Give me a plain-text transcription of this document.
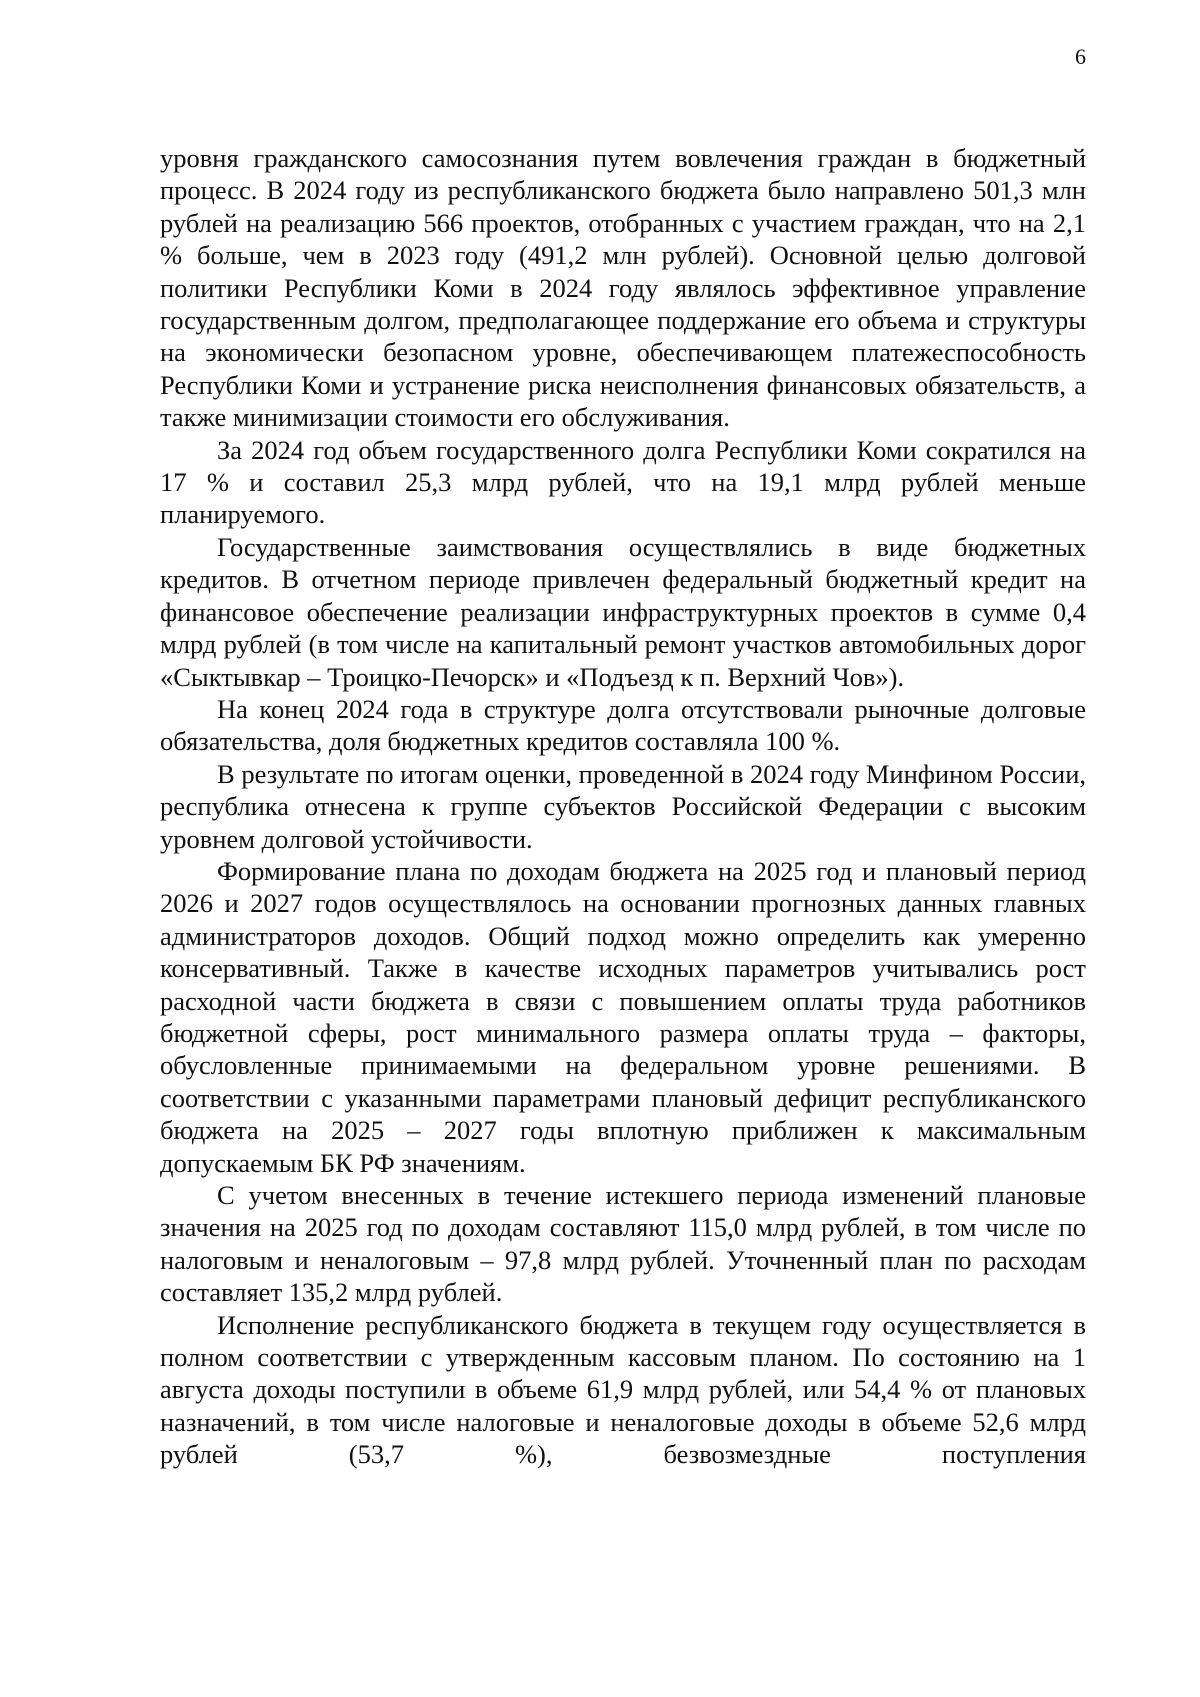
6

уровня гражданского самосознания путем вовлечения граждан в бюджетный процесс. В 2024 году из республиканского бюджета было направлено 501,3 млн рублей на реализацию 566 проектов, отобранных с участием граждан, что на 2,1 % больше, чем в 2023 году (491,2 млн рублей). Основной целью долговой политики Республики Коми в 2024 году являлось эффективное управление государственным долгом, предполагающее поддержание его объема и структуры на экономически безопасном уровне, обеспечивающем платежеспособность Республики Коми и устранение риска неисполнения финансовых обязательств, а также минимизации стоимости его обслуживания.

За 2024 год объем государственного долга Республики Коми сократился на 17 % и составил 25,3 млрд рублей, что на 19,1 млрд рублей меньше планируемого.

Государственные заимствования осуществлялись в виде бюджетных кредитов. В отчетном периоде привлечен федеральный бюджетный кредит на финансовое обеспечение реализации инфраструктурных проектов в сумме 0,4 млрд рублей (в том числе на капитальный ремонт участков автомобильных дорог «Сыктывкар – Троицко-Печорск» и «Подъезд к п. Верхний Чов»).

На конец 2024 года в структуре долга отсутствовали рыночные долговые обязательства, доля бюджетных кредитов составляла 100 %.

В результате по итогам оценки, проведенной в 2024 году Минфином России, республика отнесена к группе субъектов Российской Федерации с высоким уровнем долговой устойчивости.

Формирование плана по доходам бюджета на 2025 год и плановый период 2026 и 2027 годов осуществлялось на основании прогнозных данных главных администраторов доходов. Общий подход можно определить как умеренно консервативный. Также в качестве исходных параметров учитывались рост расходной части бюджета в связи с повышением оплаты труда работников бюджетной сферы, рост минимального размера оплаты труда – факторы, обусловленные принимаемыми на федеральном уровне решениями. В соответствии с указанными параметрами плановый дефицит республиканского бюджета на 2025 – 2027 годы вплотную приближен к максимальным допускаемым БК РФ значениям.

С учетом внесенных в течение истекшего периода изменений плановые значения на 2025 год по доходам составляют 115,0 млрд рублей, в том числе по налоговым и неналоговым – 97,8 млрд рублей. Уточненный план по расходам составляет 135,2 млрд рублей.

Исполнение республиканского бюджета в текущем году осуществляется в полном соответствии с утвержденным кассовым планом. По состоянию на 1 августа доходы поступили в объеме 61,9 млрд рублей, или 54,4 % от плановых назначений, в том числе налоговые и неналоговые доходы в объеме 52,6 млрд рублей (53,7 %), безвозмездные поступления
